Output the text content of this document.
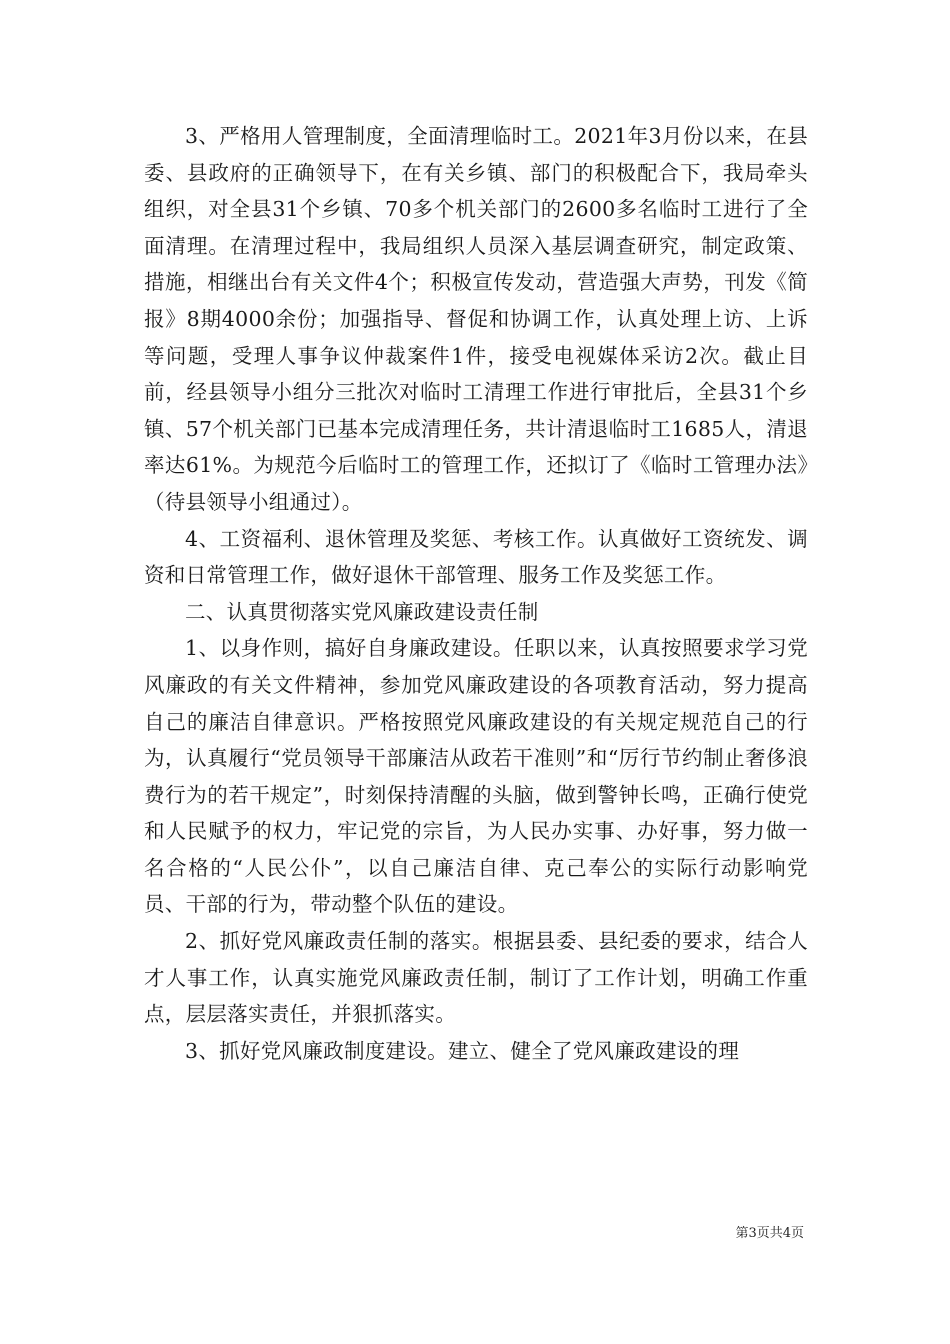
3、严格用人管理制度，全面清理临时工。2021年3月份以来，在县委、县政府的正确领导下，在有关乡镇、部门的积极配合下，我局牵头组织，对全县31个乡镇、70多个机关部门的2600多名临时工进行了全面清理。在清理过程中，我局组织人员深入基层调查研究，制定政策、措施，相继出台有关文件4个；积极宣传发动，营造强大声势，刊发《简报》8期4000余份；加强指导、督促和协调工作，认真处理上访、上诉等问题，受理人事争议仲裁案件1件，接受电视媒体采访2次。截止目前，经县领导小组分三批次对临时工清理工作进行审批后，全县31个乡镇、57个机关部门已基本完成清理任务，共计清退临时工1685人，清退率达61%。为规范今后临时工的管理工作，还拟订了《临时工管理办法》（待县领导小组通过）。

4、工资福利、退休管理及奖惩、考核工作。认真做好工资统发、调资和日常管理工作，做好退休干部管理、服务工作及奖惩工作。

二、认真贯彻落实党风廉政建设责任制

1、以身作则，搞好自身廉政建设。任职以来，认真按照要求学习党风廉政的有关文件精神，参加党风廉政建设的各项教育活动，努力提高自己的廉洁自律意识。严格按照党风廉政建设的有关规定规范自己的行为，认真履行“党员领导干部廉洁从政若干准则”和“厉行节约制止奢侈浪费行为的若干规定”，时刻保持清醒的头脑，做到警钟长鸣，正确行使党和人民赋予的权力，牢记党的宗旨，为人民办实事、办好事，努力做一名合格的“人民公仆”，以自己廉洁自律、克己奉公的实际行动影响党员、干部的行为，带动整个队伍的建设。

2、抓好党风廉政责任制的落实。根据县委、县纪委的要求，结合人才人事工作，认真实施党风廉政责任制，制订了工作计划，明确工作重点，层层落实责任，并狠抓落实。

3、抓好党风廉政制度建设。建立、健全了党风廉政建设的理

第3页共4页
